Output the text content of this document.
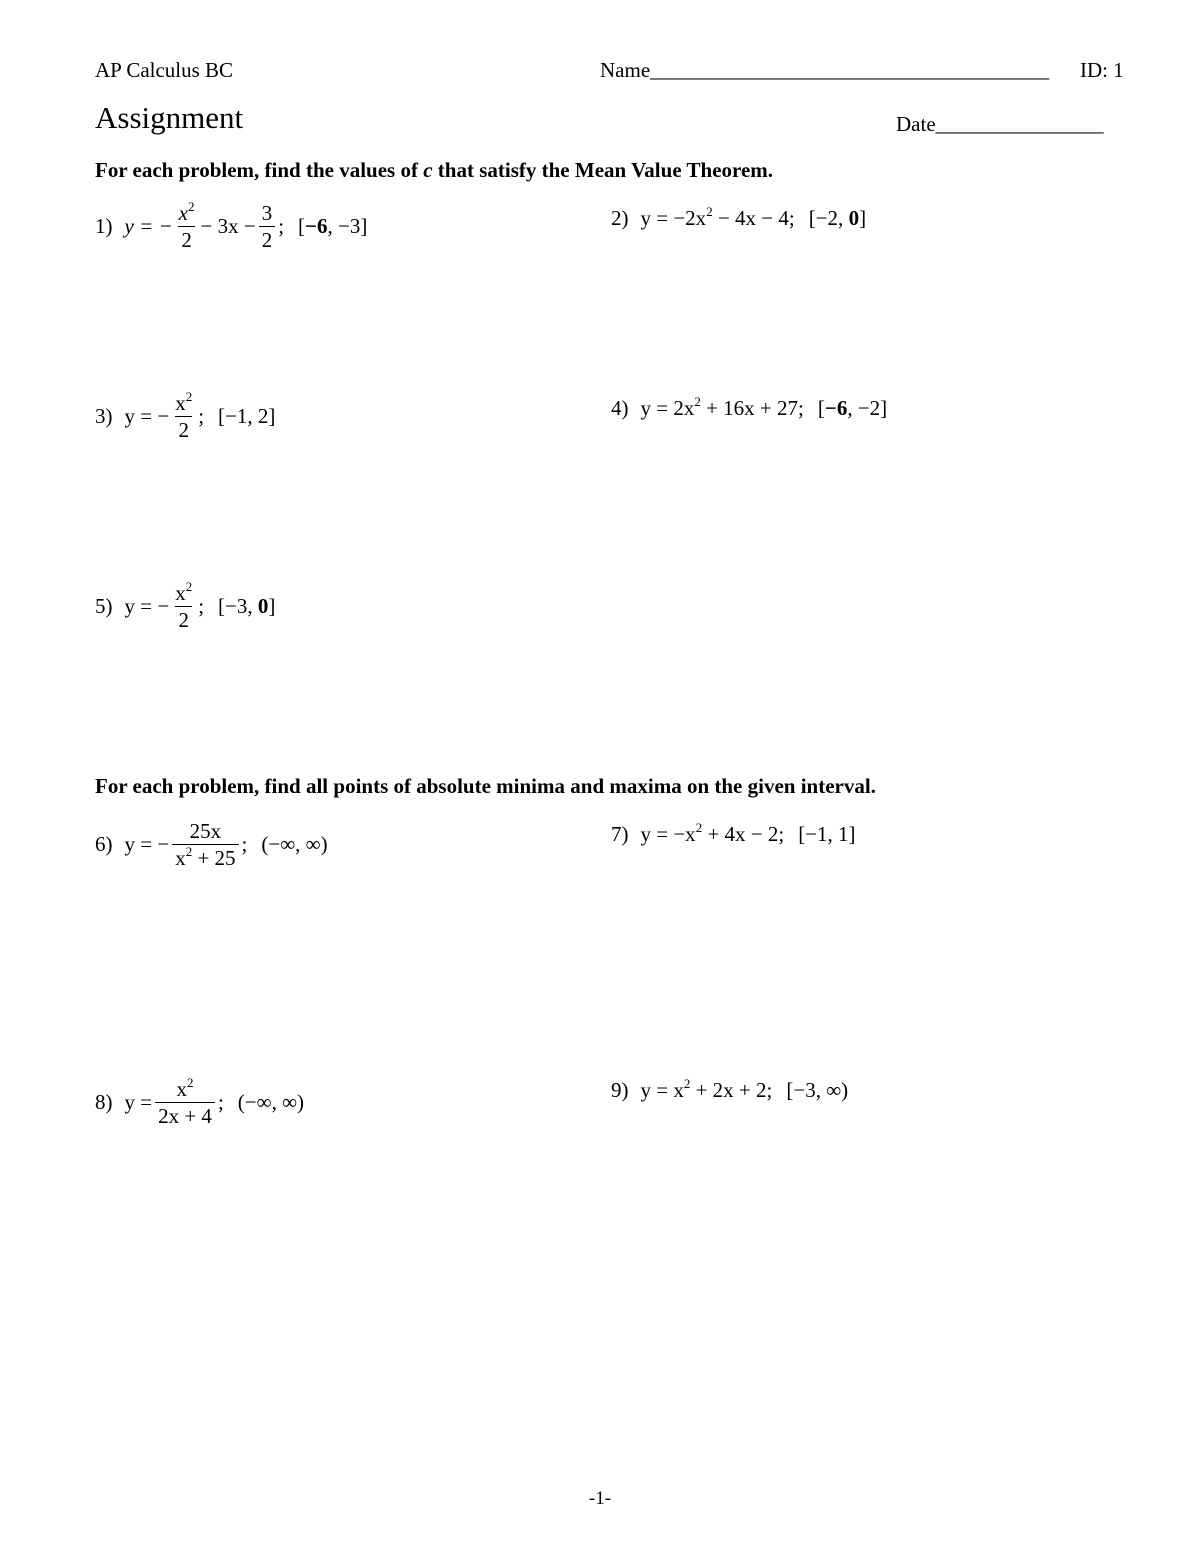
AP Calculus BC	Name______________________________________ ID: 1
Assignment	Date________________
For each problem, find the values of c that satisfy the Mean Value Theorem.
1) y = − $\frac{x^2}{2} - 3x - \frac{3}{2}$ ; [−6, −3]	2) $y = -2x^2 - 4x - 4$; [−2, 0]
3) y = − $\frac{x^2}{2}$ ; [−1, 2]	4) $y = 2x^2 + 16x + 27$; [−6, −2]
5) y = − $\frac{x^2}{2}$ ; [−3, 0]
For each problem, find all points of absolute minima and maxima on the given interval.
6) y = − $\frac{25x}{x^2 + 25}$ ; (−∞, ∞)	7) $y = -x^2 + 4x - 2$; [−1, 1]
8) $y = \frac{x^2}{2x + 4}$ ; (−∞, ∞)
9) $y = x^2 + 2x + 2$; [−3, ∞)
-1-
